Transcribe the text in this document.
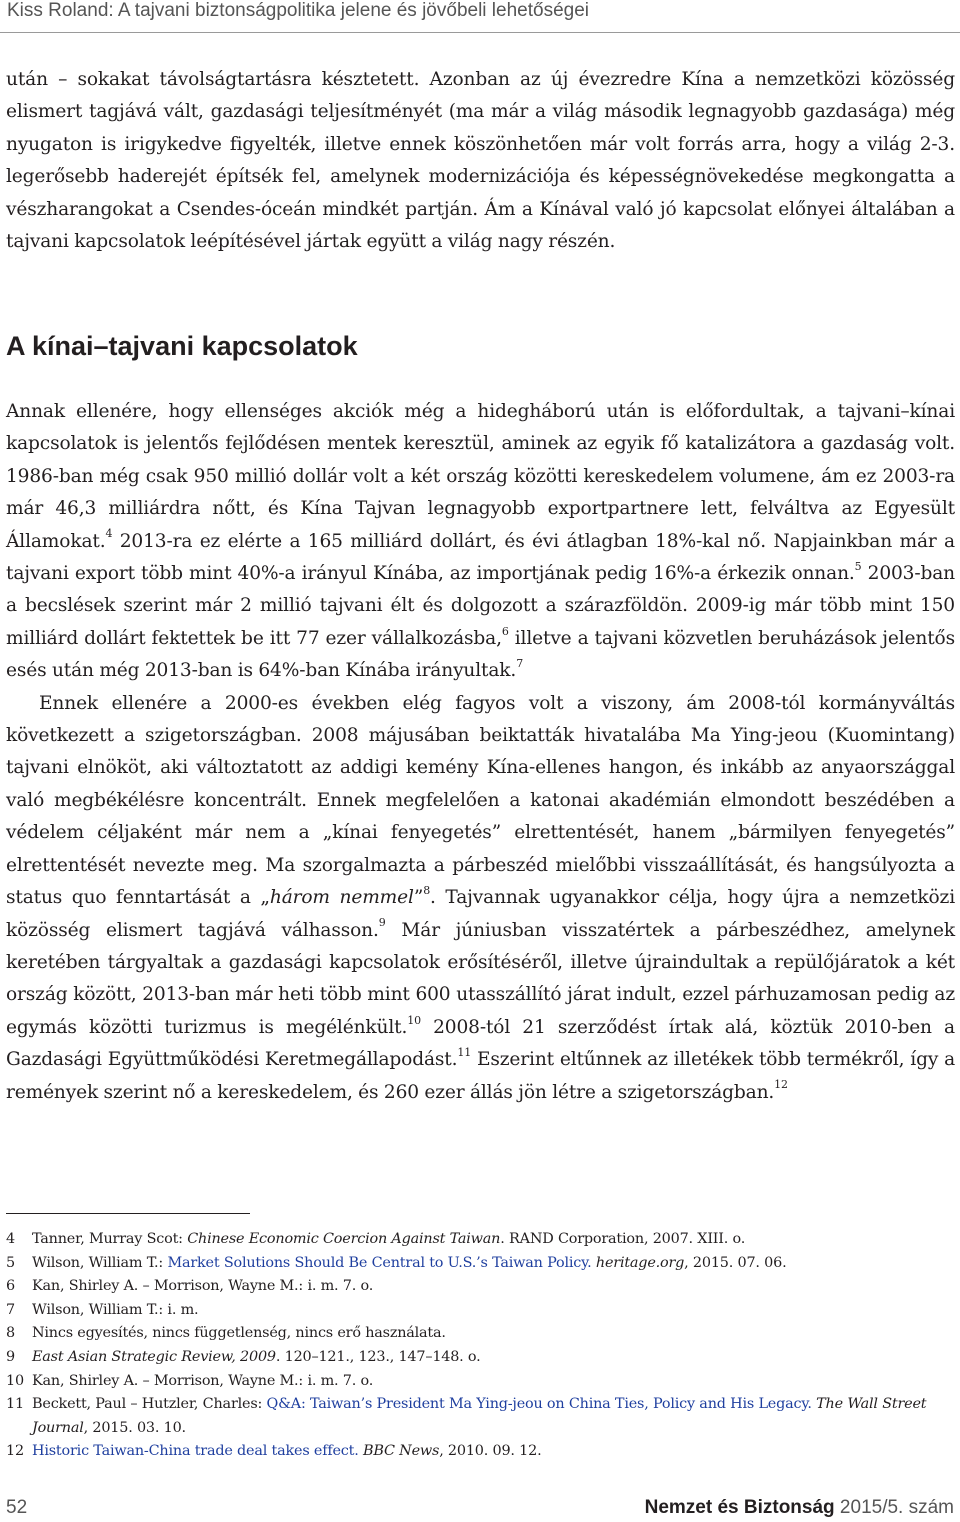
Kiss Roland: A tajvani biztonságpolitika jelene és jövőbeli lehetőségei

után – sokakat távolságtartásra késztetett. Azonban az új évezredre Kína a nemzetközi közösség elismert tagjává vált, gazdasági teljesítményét (ma már a világ második legnagyobb gazdasága) még nyugaton is irigykedve figyelték, illetve ennek köszönhetően már volt forrás arra, hogy a világ 2-3. legerősebb haderejét építsék fel, amelynek modernizációja és képességnövekedése megkongatta a vészharangokat a Csendes-óceán mindkét partján. Ám a Kínával való jó kapcsolat előnyei általában a tajvani kapcsolatok leépítésével jártak együtt a világ nagy részén.

A kínai–tajvani kapcsolatok

Annak ellenére, hogy ellenséges akciók még a hidegháború után is előfordultak, a tajvani–kínai kapcsolatok is jelentős fejlődésen mentek keresztül, aminek az egyik fő katalizátora a gazdaság volt. 1986-ban még csak 950 millió dollár volt a két ország közötti kereskedelem volumene, ám ez 2003-ra már 46,3 milliárdra nőtt, és Kína Tajvan legnagyobb exportpartnere lett, felváltva az Egyesült Államokat.$^4$ 2013-ra ez elérte a 165 milliárd dollárt, és évi átlagban 18%-kal nő. Napjainkban már a tajvani export több mint 40%-a irányul Kínába, az importjának pedig 16%-a érkezik onnan.$^5$ 2003-ban a becslések szerint már 2 millió tajvani élt és dolgozott a szárazföldön. 2009-ig már több mint 150 milliárd dollárt fektettek be itt 77 ezer vállalkozásba,$^6$ illetve a tajvani közvetlen beruházások jelentős esés után még 2013-ban is 64%-ban Kínába irányultak.$^7$

Ennek ellenére a 2000-es években elég fagyos volt a viszony, ám 2008-tól kormányváltás következett a szigetországban. 2008 májusában beiktatták hivatalába Ma Ying-jeou (Kuomintang) tajvani elnököt, aki változtatott az addigi kemény Kína-ellenes hangon, és inkább az anyaországgal való megbékélésre koncentrált. Ennek megfelelően a katonai akadémián elmondott beszédében a védelem céljaként már nem a „kínai fenyegetés” elrettentését, hanem „bármilyen fenyegetés” elrettentését nevezte meg. Ma szorgalmazta a párbeszéd mielőbbi visszaállítását, és hangsúlyozta a status quo fenntartását a „három nemmel”$^8$. Tajvannak ugyanakkor célja, hogy újra a nemzetközi közösség elismert tagjává válhasson.$^9$ Már júniusban visszatértek a párbeszédhez, amelynek keretében tárgyaltak a gazdasági kapcsolatok erősítéséről, illetve újraindultak a repülőjáratok a két ország között, 2013-ban már heti több mint 600 utasszállító járat indult, ezzel párhuzamosan pedig az egymás közötti turizmus is megélénkült.$^{10}$ 2008-tól 21 szerződést írtak alá, köztük 2010-ben a Gazdasági Együttműködési Keretmegállapodást.$^{11}$ Eszerint eltűnnek az illetékek több termékről, így a remények szerint nő a kereskedelem, és 260 ezer állás jön létre a szigetországban.$^{12}$

4	Tanner, Murray Scot: Chinese Economic Coercion Against Taiwan. RAND Corporation, 2007. XIII. o.
5	Wilson, William T.: Market Solutions Should Be Central to U.S.’s Taiwan Policy. heritage.org, 2015. 07. 06.
6	Kan, Shirley A. – Morrison, Wayne M.: i. m. 7. o.
7	Wilson, William T.: i. m.
8	Nincs egyesítés, nincs függetlenség, nincs erő használata.
9	East Asian Strategic Review, 2009. 120–121., 123., 147–148. o.
10 Kan, Shirley A. – Morrison, Wayne M.: i. m. 7. o.
11 Beckett, Paul – Hutzler, Charles: Q&A: Taiwan’s President Ma Ying-jeou on China Ties, Policy and His Legacy. The Wall Street Journal, 2015. 03. 10.
12 Historic Taiwan-China trade deal takes effect. BBC News, 2010. 09. 12.
52	Nemzet és Biztonság 2015/5. szám
